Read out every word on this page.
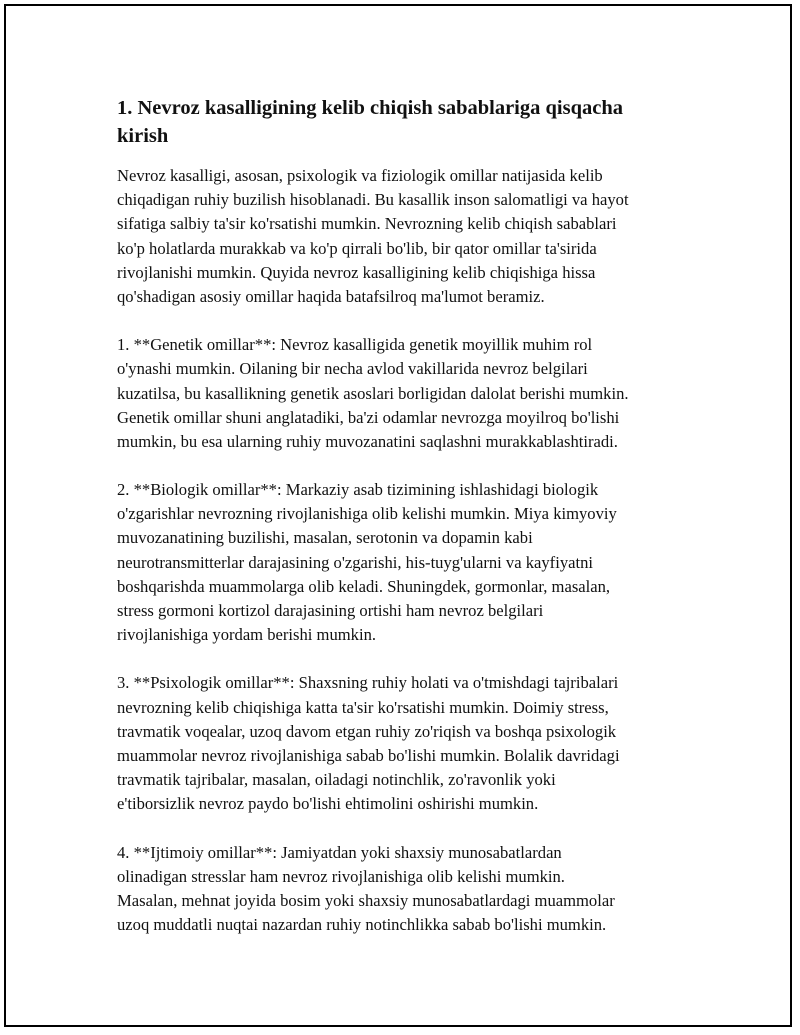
1. Nevroz kasalligining kelib chiqish sabablariga qisqacha
kirish
Nevroz kasalligi, asosan, psixologik va fiziologik omillar natijasida kelib
chiqadigan ruhiy buzilish hisoblanadi. Bu kasallik inson salomatligi va hayot
sifatiga salbiy ta'sir ko'rsatishi mumkin. Nevrozning kelib chiqish sabablari
ko'p holatlarda murakkab va ko'p qirrali bo'lib, bir qator omillar ta'sirida
rivojlanishi mumkin. Quyida nevroz kasalligining kelib chiqishiga hissa
qo'shadigan asosiy omillar haqida batafsilroq ma'lumot beramiz.
1. **Genetik omillar**: Nevroz kasalligida genetik moyillik muhim rol
o'ynashi mumkin. Oilaning bir necha avlod vakillarida nevroz belgilari
kuzatilsa, bu kasallikning genetik asoslari borligidan dalolat berishi mumkin.
Genetik omillar shuni anglatadiki, ba'zi odamlar nevrozga moyilroq bo'lishi
mumkin, bu esa ularning ruhiy muvozanatini saqlashni murakkablashtiradi.
2. **Biologik omillar**: Markaziy asab tizimining ishlashidagi biologik
o'zgarishlar nevrozning rivojlanishiga olib kelishi mumkin. Miya kimyoviy
muvozanatining buzilishi, masalan, serotonin va dopamin kabi
neurotransmitterlar darajasining o'zgarishi, his-tuyg'ularni va kayfiyatni
boshqarishda muammolarga olib keladi. Shuningdek, gormonlar, masalan,
stress gormoni kortizol darajasining ortishi ham nevroz belgilari
rivojlanishiga yordam berishi mumkin.
3. **Psixologik omillar**: Shaxsning ruhiy holati va o'tmishdagi tajribalari
nevrozning kelib chiqishiga katta ta'sir ko'rsatishi mumkin. Doimiy stress,
travmatik voqealar, uzoq davom etgan ruhiy zo'riqish va boshqa psixologik
muammolar nevroz rivojlanishiga sabab bo'lishi mumkin. Bolalik davridagi
travmatik tajribalar, masalan, oiladagi notinchlik, zo'ravonlik yoki
e'tiborsizlik nevroz paydo bo'lishi ehtimolini oshirishi mumkin.
4. **Ijtimoiy omillar**: Jamiyatdan yoki shaxsiy munosabatlardan
olinadigan stresslar ham nevroz rivojlanishiga olib kelishi mumkin.
Masalan, mehnat joyida bosim yoki shaxsiy munosabatlardagi muammolar
uzoq muddatli nuqtai nazardan ruhiy notinchlikka sabab bo'lishi mumkin.
